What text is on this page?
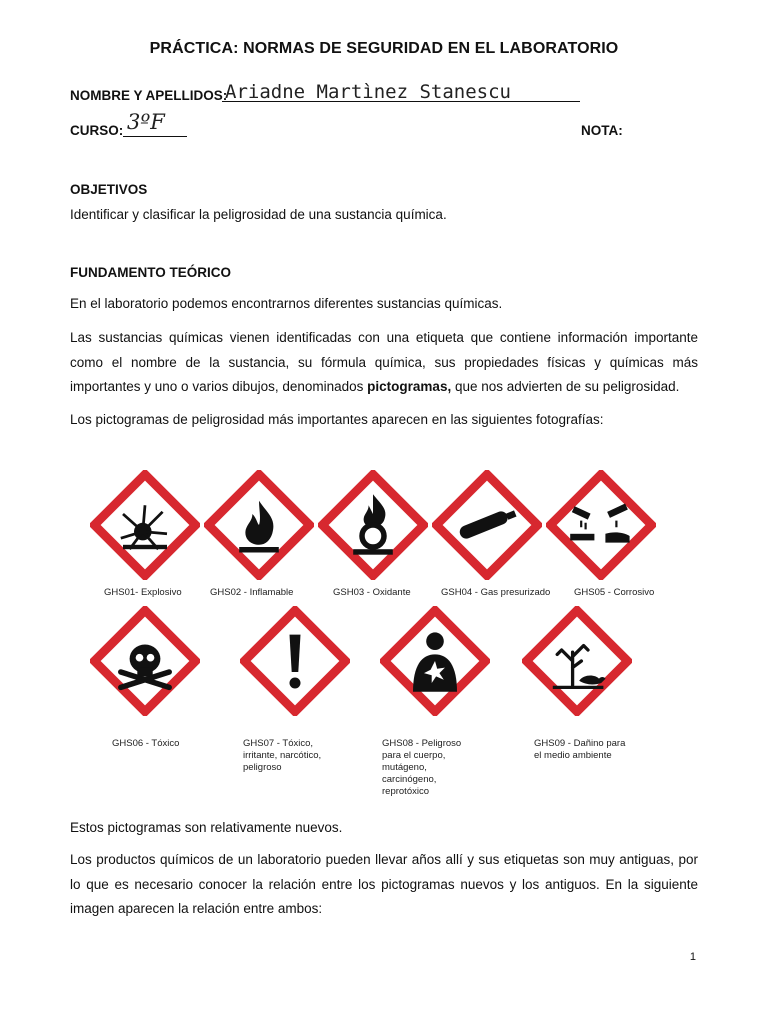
PRÁCTICA: NORMAS DE SEGURIDAD EN EL LABORATORIO
NOMBRE Y APELLIDOS:
Ariadne Martìnez Stanescu
CURSO: 3ºF	NOTA:
OBJETIVOS
Identificar y clasificar la peligrosidad de una sustancia química.
FUNDAMENTO TEÓRICO
En el laboratorio podemos encontrarnos diferentes sustancias químicas.
Las sustancias químicas vienen identificadas con una etiqueta que contiene información importante como el nombre de la sustancia, su fórmula química, sus propiedades físicas y químicas más importantes y uno o varios dibujos, denominados pictogramas, que nos advierten de su peligrosidad.
Los pictogramas de peligrosidad más importantes aparecen en las siguientes fotografías:
GHS01- Explosivo	GHS02 - Inflamable	GSH03 - Oxidante	GSH04 - Gas presurizado GHS05 - Corrosivo
GHS06 - Tóxico	GHS07 - Tóxico, irritante, narcótico, peligroso
GHS08 - Peligroso para el cuerpo, mutágeno, carcinógeno, reprotóxico
GHS09 - Dañino para el medio ambiente
Estos pictogramas son relativamente nuevos.
Los productos químicos de un laboratorio pueden llevar años allí y sus etiquetas son muy antiguas, por lo que es necesario conocer la relación entre los pictogramas nuevos y los antiguos. En la siguiente imagen aparecen la relación entre ambos:
1
